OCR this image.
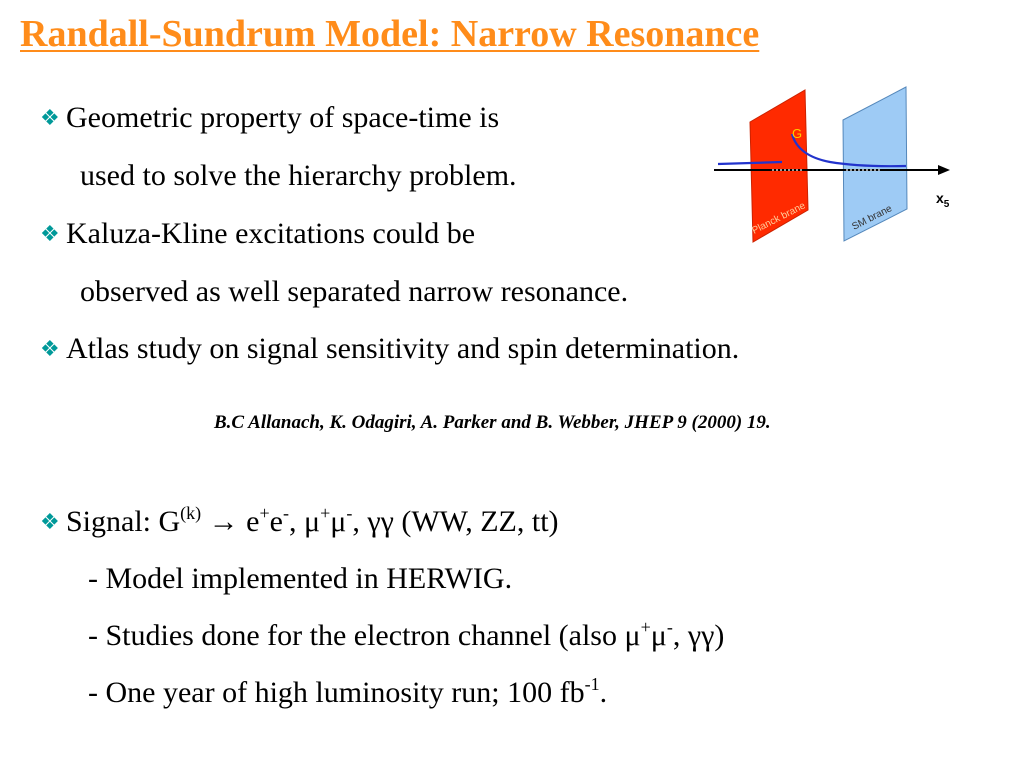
Randall-Sundrum Model: Narrow Resonance
❖ Geometric property of space-time is
used to solve the hierarchy problem.
❖ Kaluza-Kline excitations could be
observed as well separated narrow resonance.
❖ Atlas study on signal sensitivity and spin determination.
B.C Allanach, K. Odagiri, A. Parker and B. Webber, JHEP 9 (2000) 19.
❖ Signal: $G^{(k)} \to e^+e^-$, μ+μ-, γγ (WW, ZZ, tt)
- Model implemented in HERWIG.
- Studies done for the electron channel (also μ+μ-, γγ)
- One year of high luminosity run; 100 $fb^{-1}$.
G
Planck brane	SM brane
$x_5$
